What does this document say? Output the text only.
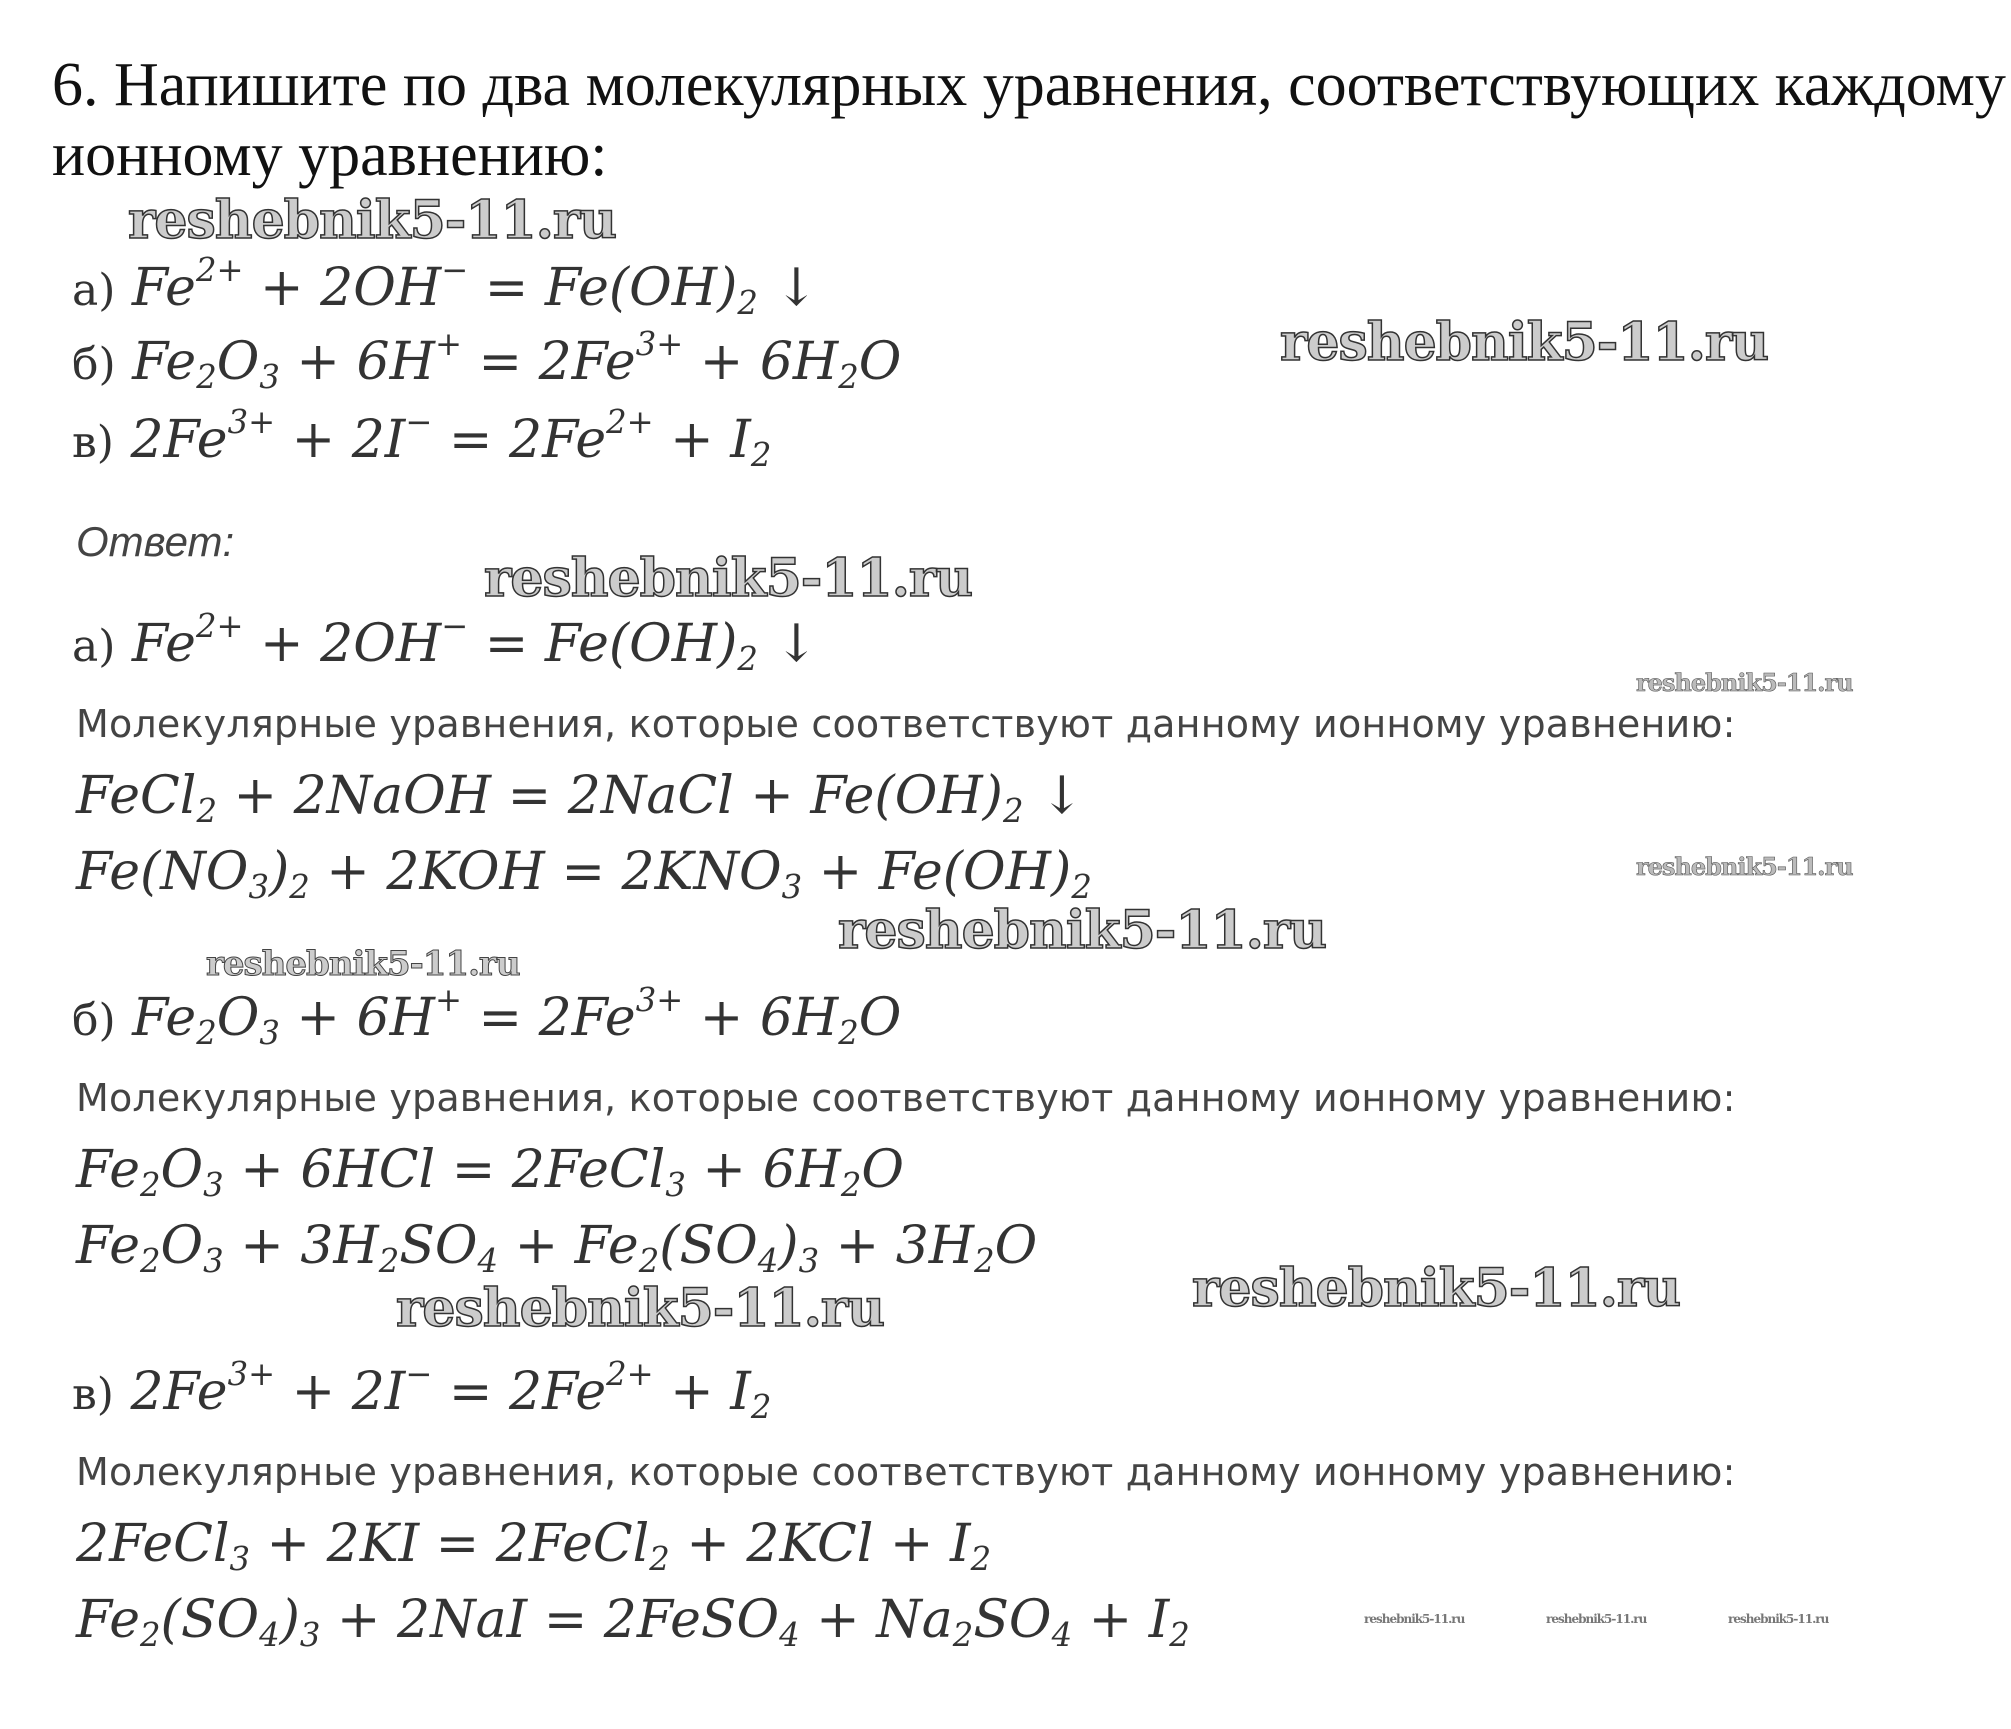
6. Напишите по два молекулярных уравнения, соответствующих каждому
ионному уравнению:
а) $Fe^{2+} + 2OH^- = Fe(OH)_2$ ↓
б) $Fe_2O_3 + 6H^+ = 2Fe^{3+} + 6H_2O$
в) $2Fe^{3+} + 2I^- = 2Fe^{2+} + I_2$
Ответ:
а) $Fe^{2+} + 2OH^- = Fe(OH)_2$ ↓
Молекулярные уравнения, которые соответствуют данному ионному уравнению:
FeCl$_2$ + 2NaOH = 2NaCl + $Fe(OH)_2$ ↓
$Fe(NO_3)_2 + 2KOH = 2KNO_3 + Fe(OH)_2$
б) $Fe_2O_3 + 6H^+ = 2Fe^{3+} + 6H_2O$
Молекулярные уравнения, которые соответствуют данному ионному уравнению:
$Fe_2O_3 + 6HCl$ = 2FeCl$_3$ + $6H_2O$
$Fe_2O_3 + 3H_2SO_4 + Fe_2(SO_4)_3 + 3H_2O$
в) $2Fe^{3+} + 2I^- = 2Fe^{2+} + I_2$
Молекулярные уравнения, которые соответствуют данному ионному уравнению:
2FeCl$_3$ + 2KI = 2FeCl$_2$ + $2KCl + I_2$
$Fe_2(SO_4)_3 + 2NaI$ = 2FeSO$_4$ + $Na_2SO_4 + I_2$
reshebnik5-11.ru
reshebnik5-11.ru
reshebnik5-11.ru
reshebnik5-11.ru
reshebnik5-11.ru
reshebnik5-11.ru
reshebnik5-11.ru
reshebnik5-11.ru	reshebnik5-11.ru
reshebnik5-11.ru	reshebnik5-11.ru	reshebnik5-11.ru
